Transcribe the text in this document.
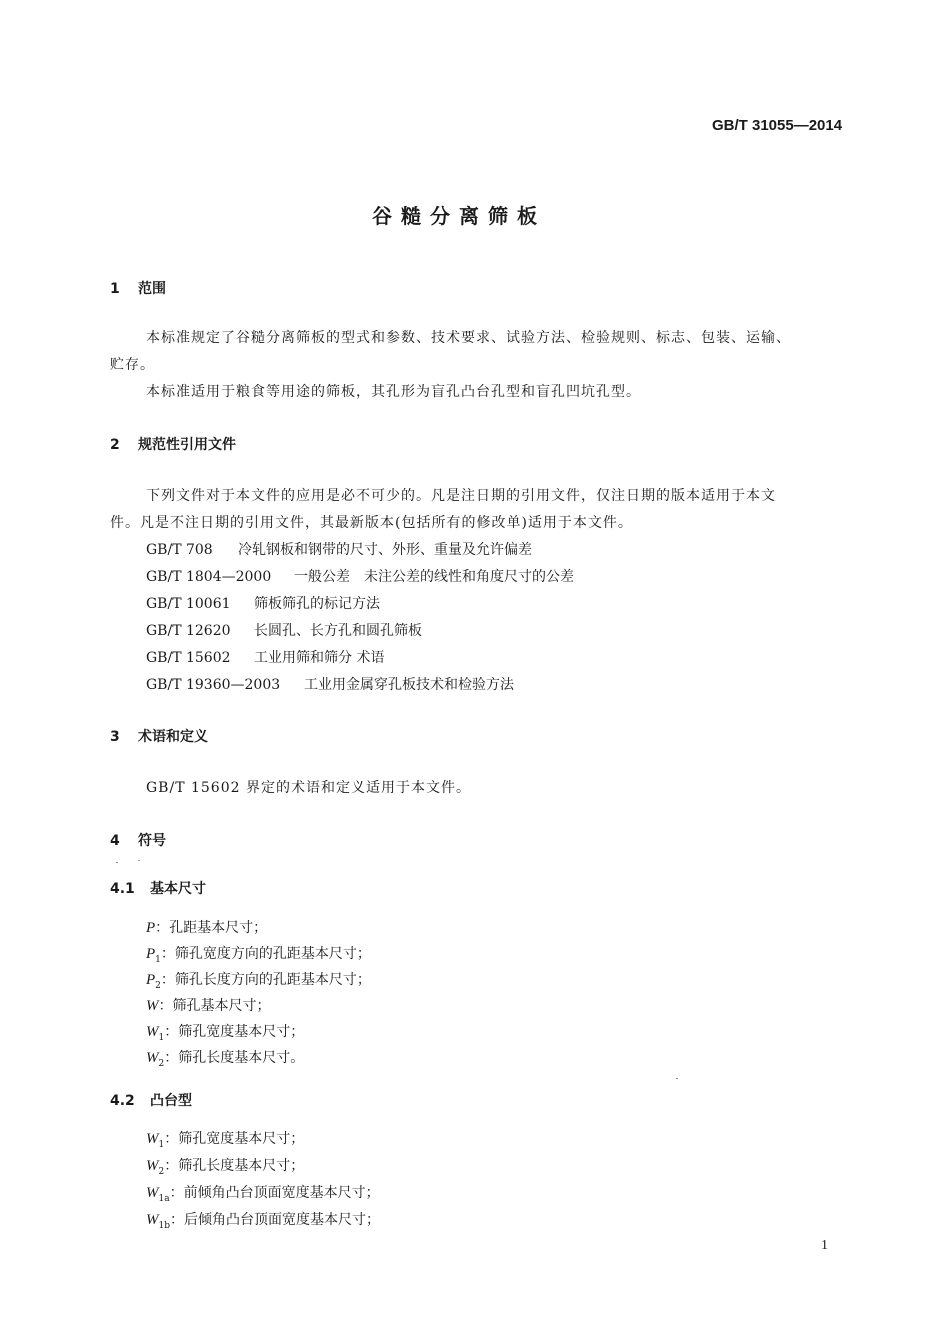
GB/T 31055—2014
谷糙分离筛板
1 范围
本标准规定了谷糙分离筛板的型式和参数、技术要求、试验方法、检验规则、标志、包装、运输、
贮存。
本标准适用于粮食等用途的筛板，其孔形为盲孔凸台孔型和盲孔凹坑孔型。
2 规范性引用文件
下列文件对于本文件的应用是必不可少的。凡是注日期的引用文件，仅注日期的版本适用于本文
件。凡是不注日期的引用文件，其最新版本(包括所有的修改单)适用于本文件。
GB/T 708 冷轧钢板和钢带的尺寸、外形、重量及允许偏差
GB/T 1804—2000 一般公差　未注公差的线性和角度尺寸的公差
GB/T 10061 筛板筛孔的标记方法
GB/T 12620 长圆孔、长方孔和圆孔筛板
GB/T 15602 工业用筛和筛分 术语
GB/T 19360—2003 工业用金属穿孔板技术和检验方法
3 术语和定义
GB/T 15602 界定的术语和定义适用于本文件。
4 符号
4.1 基本尺寸
P：孔距基本尺寸；
$P_1$：筛孔宽度方向的孔距基本尺寸；
$P_2$：筛孔长度方向的孔距基本尺寸；
W：筛孔基本尺寸；
$W_1$：筛孔宽度基本尺寸；
$W_2$：筛孔长度基本尺寸。
4.2 凸台型
$W_1$：筛孔宽度基本尺寸；
$W_2$：筛孔长度基本尺寸；
$W_{1a}$：前倾角凸台顶面宽度基本尺寸；
$W_{1b}$：后倾角凸台顶面宽度基本尺寸；
1
